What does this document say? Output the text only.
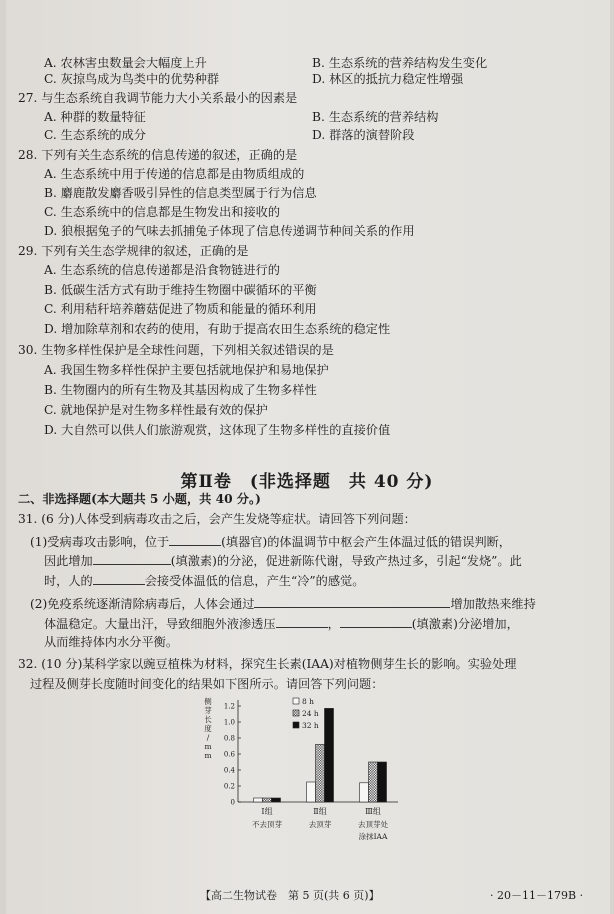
A. 农林害虫数量会大幅度上升	B. 生态系统的营养结构发生变化
C. 灰掠鸟成为鸟类中的优势种群	D. 林区的抵抗力稳定性增强
27. 与生态系统自我调节能力大小关系最小的因素是
A. 种群的数量特征	B. 生态系统的营养结构
C. 生态系统的成分	D. 群落的演替阶段
28. 下列有关生态系统的信息传递的叙述，正确的是
A. 生态系统中用于传递的信息都是由物质组成的
B. 麝鹿散发麝香吸引异性的信息类型属于行为信息
C. 生态系统中的信息都是生物发出和接收的
D. 狼根据兔子的气味去抓捕兔子体现了信息传递调节种间关系的作用
29. 下列有关生态学规律的叙述，正确的是
A. 生态系统的信息传递都是沿食物链进行的
B. 低碳生活方式有助于维持生物圈中碳循环的平衡
C. 利用秸秆培养蘑菇促进了物质和能量的循环利用
D. 增加除草剂和农药的使用，有助于提高农田生态系统的稳定性
30. 生物多样性保护是全球性问题，下列相关叙述错误的是
A. 我国生物多样性保护主要包括就地保护和易地保护
B. 生物圈内的所有生物及其基因构成了生物多样性
C. 就地保护是对生物多样性最有效的保护
D. 大自然可以供人们旅游观赏，这体现了生物多样性的直接价值
第Ⅱ卷　(非选择题　共 40 分)
二、非选择题(本大题共 5 小题，共 40 分。)
31. (6 分)人体受到病毒攻击之后，会产生发烧等症状。请回答下列问题：
(1)受病毒攻击影响，位于	(填器官)的体温调节中枢会产生体温过低的错误判断，
因此增加	(填激素)的分泌，促进新陈代谢，导致产热过多，引起“发烧”。此
时，人的	会接受体温低的信息，产生“冷”的感觉。
(2)免疫系统逐渐清除病毒后，人体会通过	增加散热来维持
体温稳定。大量出汗，导致细胞外液渗透压	，	(填激素)分泌增加，
从而维持体内水分平衡。
32. (10 分)某科学家以豌豆植株为材料，探究生长素(IAA)对植物侧芽生长的影响。实验处理
过程及侧芽长度随时间变化的结果如下图所示。请回答下列问题：
0
0.2
0.4
0.6
0.8
1.0
1.2
侧
芽
长
度
/
m
m
Ⅰ组
不去顶芽
Ⅱ组
去顶芽
Ⅲ组
去顶芽处
涂抹IAA
8 h
24 h
32 h
【高二生物试卷　第 5 页(共 6 页)】	· 20－11－179B ·
